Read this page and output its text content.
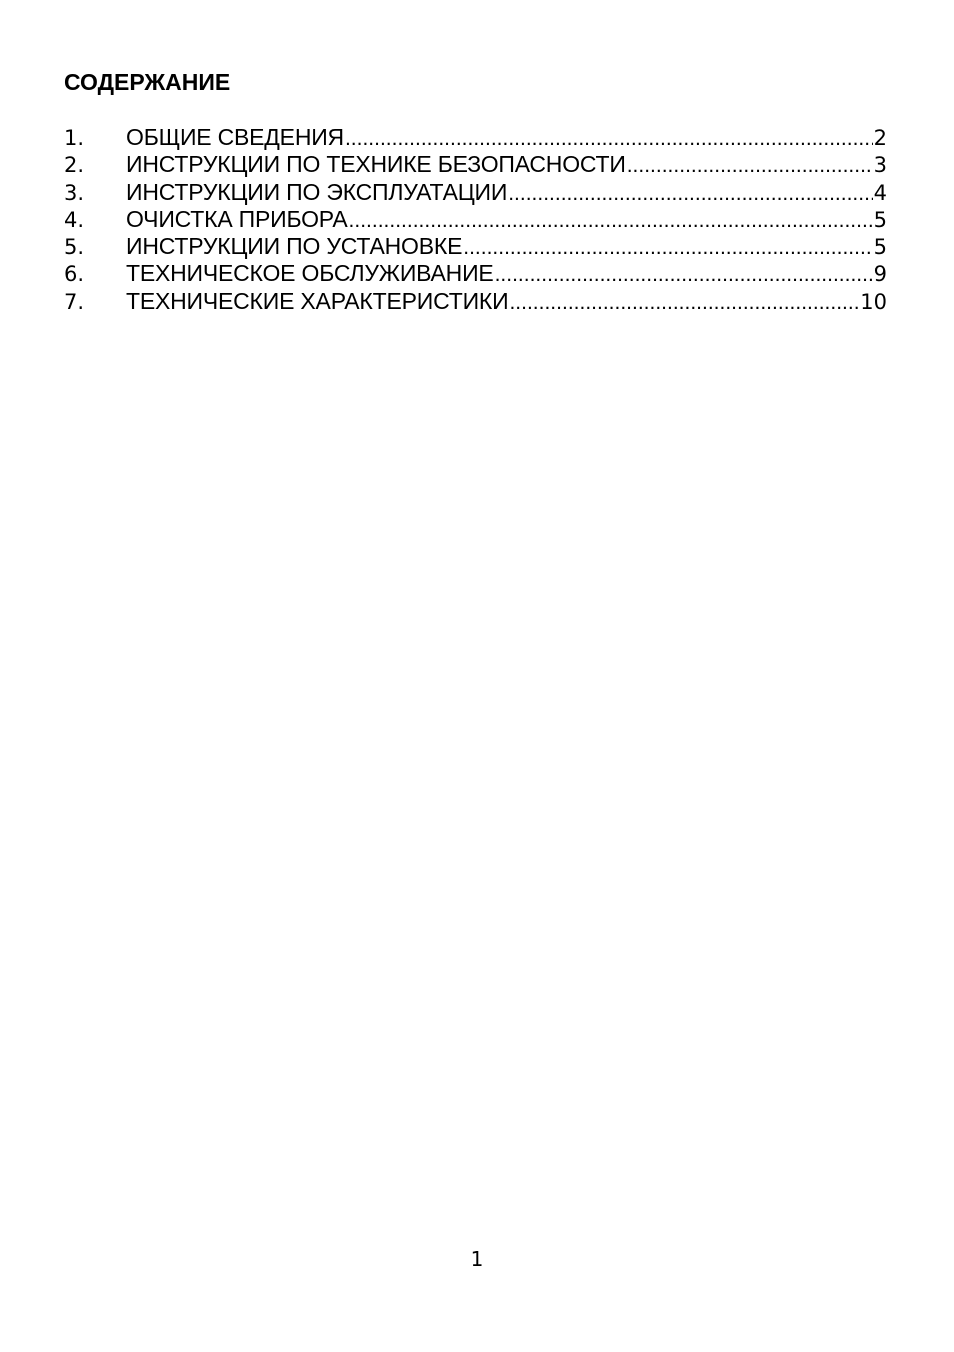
СОДЕРЖАНИЕ
1.	ОБЩИЕ СВЕДЕНИЯ .....	2
2.	ИНСТРУКЦИИ ПО ТЕХНИКЕ БЕЗОПАСНОСТИ .....	3
3.	ИНСТРУКЦИИ ПО ЭКСПЛУАТАЦИИ .....	4
4.	ОЧИСТКА ПРИБОРА .....	5
5.	ИНСТРУКЦИИ ПО УСТАНОВКЕ .....	5
6.	ТЕХНИЧЕСКОЕ ОБСЛУЖИВАНИЕ .....	9
7.	ТЕХНИЧЕСКИЕ ХАРАКТЕРИСТИКИ .....	10
1
